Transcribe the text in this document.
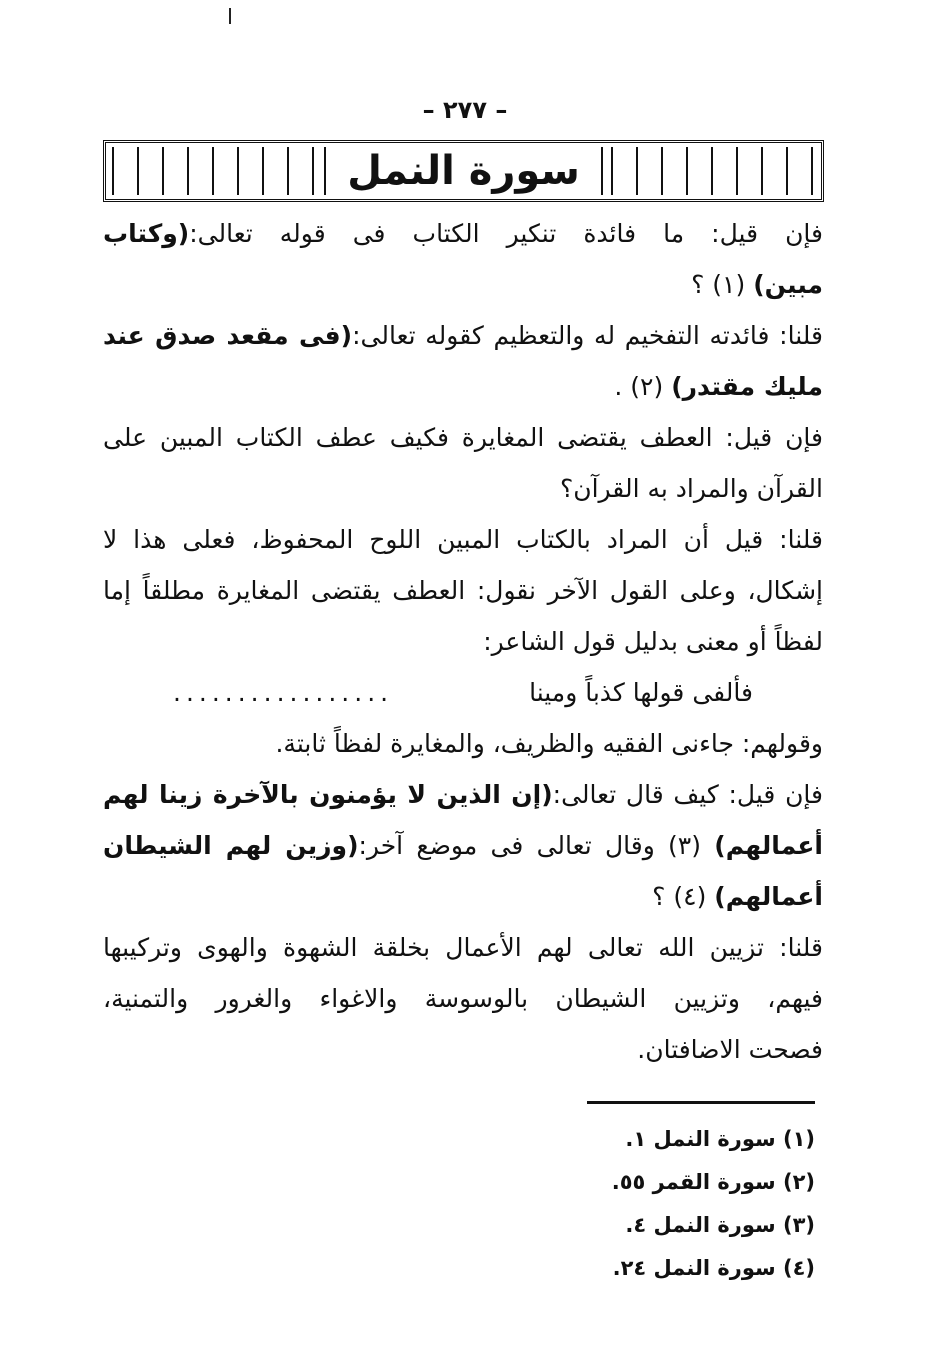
– ٢٧٧ –
سورة النمل
فإن قيل: ما فائدة تنكير الكتاب فى قوله تعالى:(وكتاب
مبين) (١) ؟
قلنا: فائدته التفخيم له والتعظيم كقوله تعالى:(فى مقعد صدق عند
مليك مقتدر) (٢) .
فإن قيل: العطف يقتضى المغايرة فكيف عطف الكتاب المبين على
القرآن والمراد به القرآن؟
قلنا: قيل أن المراد بالكتاب المبين اللوح المحفوظ، فعلى هذا لا
إشكال، وعلى القول الآخر نقول: العطف يقتضى المغايرة مطلقاً إما
لفظاً أو معنى بدليل قول الشاعر:
فألفى قولها كذباً ومينا
.................
وقولهم: جاءنى الفقيه والظريف، والمغايرة لفظاً ثابتة.
فإن قيل: كيف قال تعالى:(إن الذين لا يؤمنون بالآخرة زينا لهم
أعمالهم) (٣) وقال تعالى فى موضع آخر:(وزين لهم الشيطان
أعمالهم) (٤) ؟
قلنا: تزيين الله تعالى لهم الأعمال بخلقة الشهوة والهوى وتركيبها
فيهم، وتزيين الشيطان بالوسوسة والاغواء والغرور والتمنية،
فصحت الاضافتان.
(١) سورة النمل ١.
(٢) سورة القمر ٥٥.
(٣) سورة النمل ٤.
(٤) سورة النمل ٢٤.
